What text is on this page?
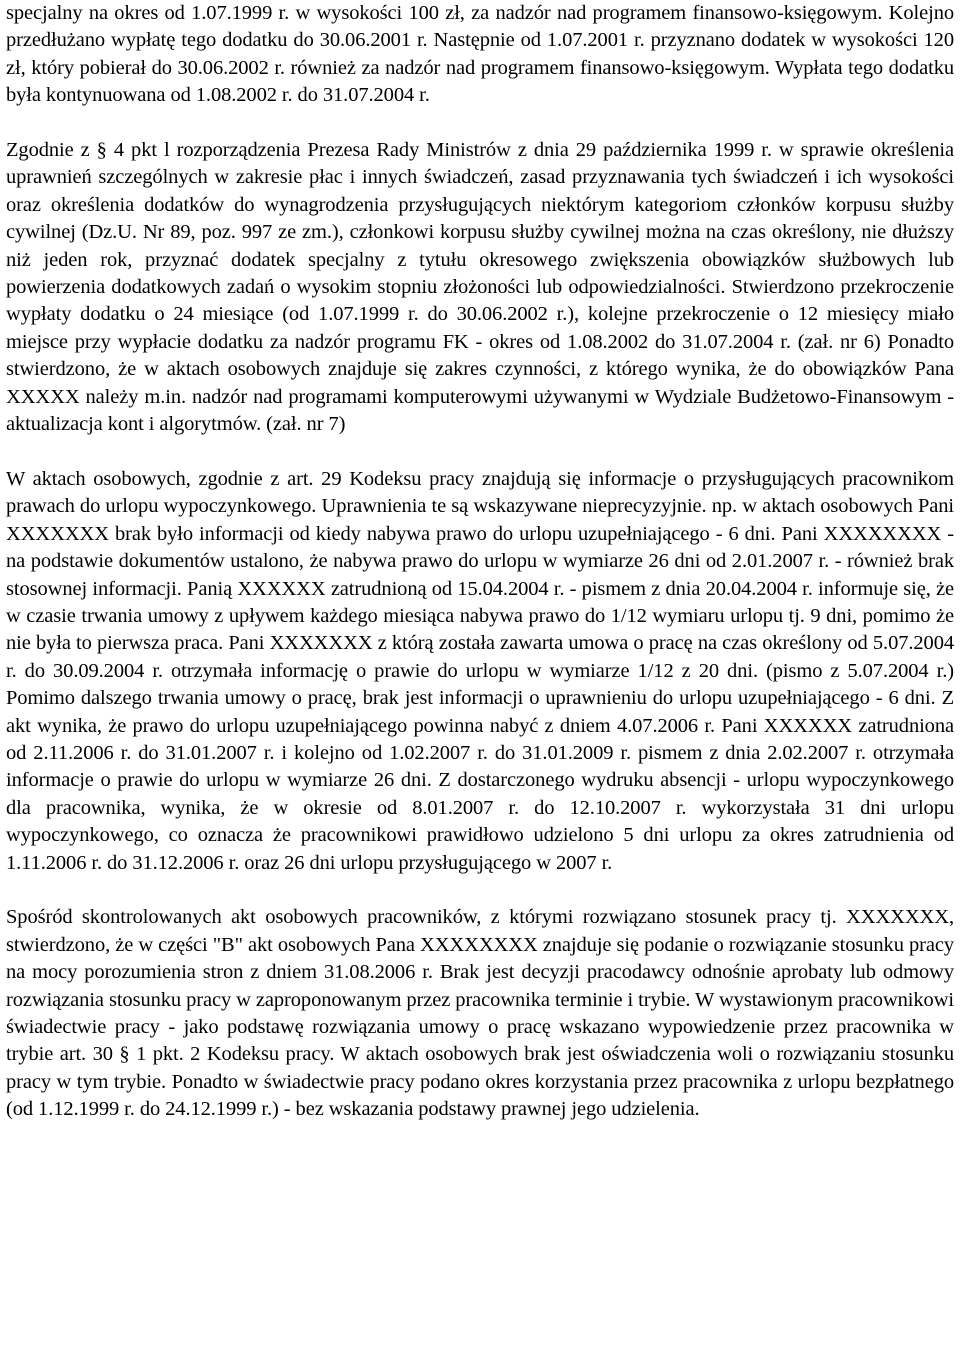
specjalny na okres od 1.07.1999 r. w wysokości 100 zł, za nadzór nad programem finansowo-księgowym. Kolejno przedłużano wypłatę tego dodatku do 30.06.2001 r. Następnie od 1.07.2001 r. przyznano dodatek w wysokości 120 zł, który pobierał do 30.06.2002 r. również za nadzór nad programem finansowo-księgowym. Wypłata tego dodatku była kontynuowana od 1.08.2002 r. do 31.07.2004 r.

Zgodnie z § 4 pkt l rozporządzenia Prezesa Rady Ministrów z dnia 29 października 1999 r. w sprawie określenia uprawnień szczególnych w zakresie płac i innych świadczeń, zasad przyznawania tych świadczeń i ich wysokości oraz określenia dodatków do wynagrodzenia przysługujących niektórym kategoriom członków korpusu służby cywilnej (Dz.U. Nr 89, poz. 997 ze zm.), członkowi korpusu służby cywilnej można na czas określony, nie dłuższy niż jeden rok, przyznać dodatek specjalny z tytułu okresowego zwiększenia obowiązków służbowych lub powierzenia dodatkowych zadań o wysokim stopniu złożoności lub odpowiedzialności. Stwierdzono przekroczenie wypłaty dodatku o 24 miesiące (od 1.07.1999 r. do 30.06.2002 r.), kolejne przekroczenie o 12 miesięcy miało miejsce przy wypłacie dodatku za nadzór programu FK - okres od 1.08.2002 do 31.07.2004 r. (zał. nr 6) Ponadto stwierdzono, że w aktach osobowych znajduje się zakres czynności, z którego wynika, że do obowiązków Pana XXXXX należy m.in. nadzór nad programami komputerowymi używanymi w Wydziale Budżetowo-Finansowym - aktualizacja kont i algorytmów. (zał. nr 7)

W aktach osobowych, zgodnie z art. 29 Kodeksu pracy znajdują się informacje o przysługujących pracownikom prawach do urlopu wypoczynkowego. Uprawnienia te są wskazywane nieprecyzyjnie. np. w aktach osobowych Pani XXXXXXX brak było informacji od kiedy nabywa prawo do urlopu uzupełniającego - 6 dni. Pani XXXXXXXX - na podstawie dokumentów ustalono, że nabywa prawo do urlopu w wymiarze 26 dni od 2.01.2007 r. - również brak stosownej informacji. Panią XXXXXX zatrudnioną od 15.04.2004 r. - pismem z dnia 20.04.2004 r. informuje się, że w czasie trwania umowy z upływem każdego miesiąca nabywa prawo do 1/12 wymiaru urlopu tj. 9 dni, pomimo że nie była to pierwsza praca. Pani XXXXXXX z którą została zawarta umowa o pracę na czas określony od 5.07.2004 r. do 30.09.2004 r. otrzymała informację o prawie do urlopu w wymiarze 1/12 z 20 dni. (pismo z 5.07.2004 r.) Pomimo dalszego trwania umowy o pracę, brak jest informacji o uprawnieniu do urlopu uzupełniającego - 6 dni. Z akt wynika, że prawo do urlopu uzupełniającego powinna nabyć z dniem 4.07.2006 r. Pani XXXXXX zatrudniona od 2.11.2006 r. do 31.01.2007 r. i kolejno od 1.02.2007 r. do 31.01.2009 r. pismem z dnia 2.02.2007 r. otrzymała informacje o prawie do urlopu w wymiarze 26 dni. Z dostarczonego wydruku absencji - urlopu wypoczynkowego dla pracownika, wynika, że w okresie od 8.01.2007 r. do 12.10.2007 r. wykorzystała 31 dni urlopu wypoczynkowego, co oznacza że pracownikowi prawidłowo udzielono 5 dni urlopu za okres zatrudnienia od 1.11.2006 r. do 31.12.2006 r. oraz 26 dni urlopu przysługującego w 2007 r.

Spośród skontrolowanych akt osobowych pracowników, z którymi rozwiązano stosunek pracy tj. XXXXXXX, stwierdzono, że w części "B" akt osobowych Pana XXXXXXXX znajduje się podanie o rozwiązanie stosunku pracy na mocy porozumienia stron z dniem 31.08.2006 r. Brak jest decyzji pracodawcy odnośnie aprobaty lub odmowy rozwiązania stosunku pracy w zaproponowanym przez pracownika terminie i trybie. W wystawionym pracownikowi świadectwie pracy - jako podstawę rozwiązania umowy o pracę wskazano wypowiedzenie przez pracownika w trybie art. 30 § 1 pkt. 2 Kodeksu pracy. W aktach osobowych brak jest oświadczenia woli o rozwiązaniu stosunku pracy w tym trybie. Ponadto w świadectwie pracy podano okres korzystania przez pracownika z urlopu bezpłatnego (od 1.12.1999 r. do 24.12.1999 r.) - bez wskazania podstawy prawnej jego udzielenia.
